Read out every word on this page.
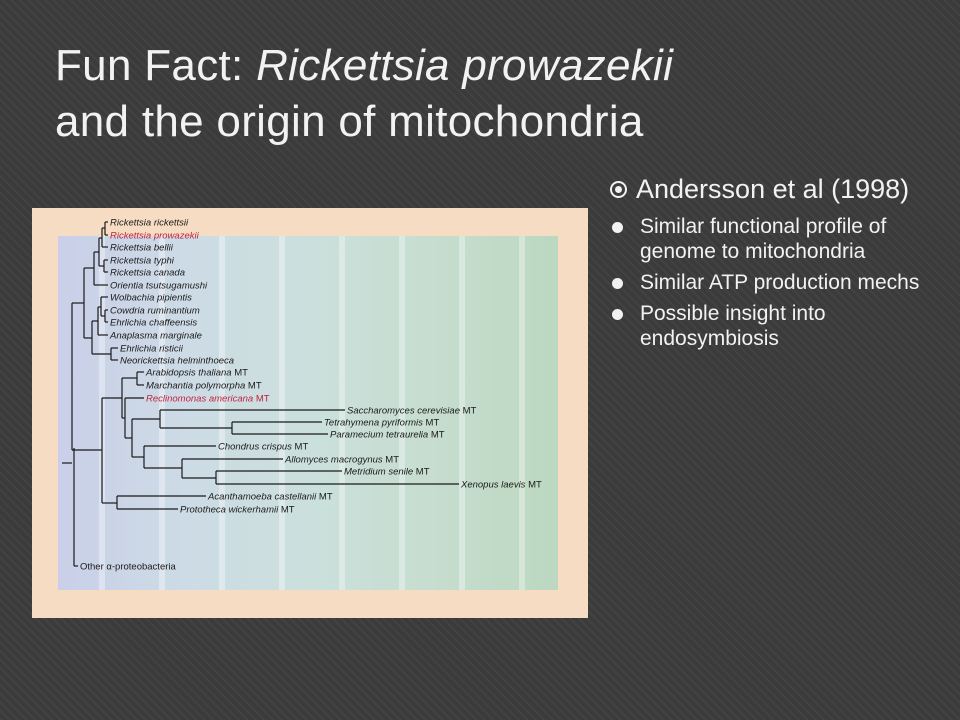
Fun Fact: Rickettsia prowazekii
and the origin of mitochondria
Rickettsia rickettsii
Rickettsia prowazekii
Rickettsia bellii
Rickettsia typhi
Rickettsia canada
Orientia tsutsugamushi
Wolbachia pipientis
Cowdria ruminantium
Ehrlichia chaffeensis
Anaplasma marginale
Ehrlichia risticii
Neorickettsia helminthoeca
Arabidopsis thaliana MT
Marchantia polymorpha MT
Reclinomonas americana MT
Saccharomyces cerevisiae MT
Tetrahymena pyriformis MT
Paramecium tetraurelia MT
Chondrus crispus MT
Allomyces macrogynus MT
Metridium senile MT
Xenopus laevis MT
Acanthamoeba castellanii MT
Prototheca wickerhamii MT
Other α-proteobacteria
Andersson et al (1998)
Similar functional profile of genome to mitochondria
Similar ATP production mechs
Possible insight into endosymbiosis
